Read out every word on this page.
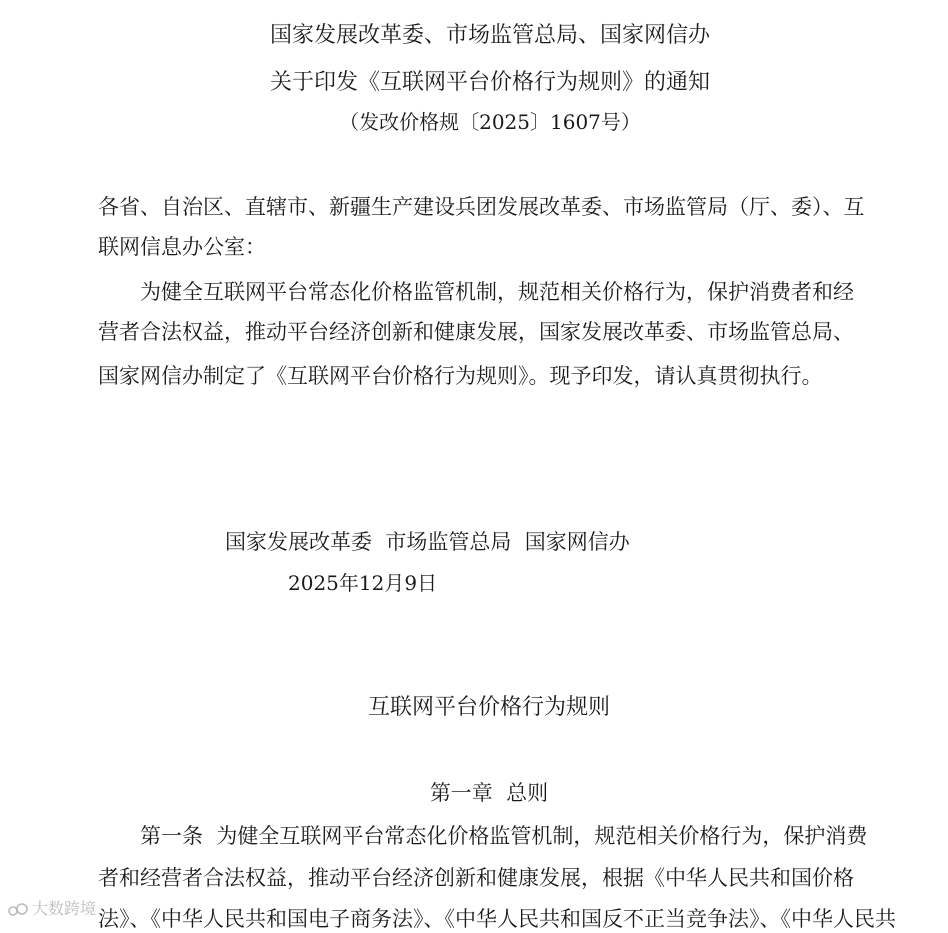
国家发展改革委、市场监管总局、国家网信办
关于印发《互联网平台价格行为规则》的通知
（发改价格规〔2025〕1607号）
各省、自治区、直辖市、新疆生产建设兵团发展改革委、市场监管局（厅、委）、互
联网信息办公室：
为健全互联网平台常态化价格监管机制，规范相关价格行为，保护消费者和经
营者合法权益，推动平台经济创新和健康发展，国家发展改革委、市场监管总局、
国家网信办制定了《互联网平台价格行为规则》。现予印发，请认真贯彻执行。
国家发展改革委  市场监管总局  国家网信办
2025年12月9日
互联网平台价格行为规则
第一章  总则
第一条  为健全互联网平台常态化价格监管机制，规范相关价格行为，保护消费
者和经营者合法权益，推动平台经济创新和健康发展，根据《中华人民共和国价格
法》、《中华人民共和国电子商务法》、《中华人民共和国反不正当竞争法》、《中华人民共
大数跨境
